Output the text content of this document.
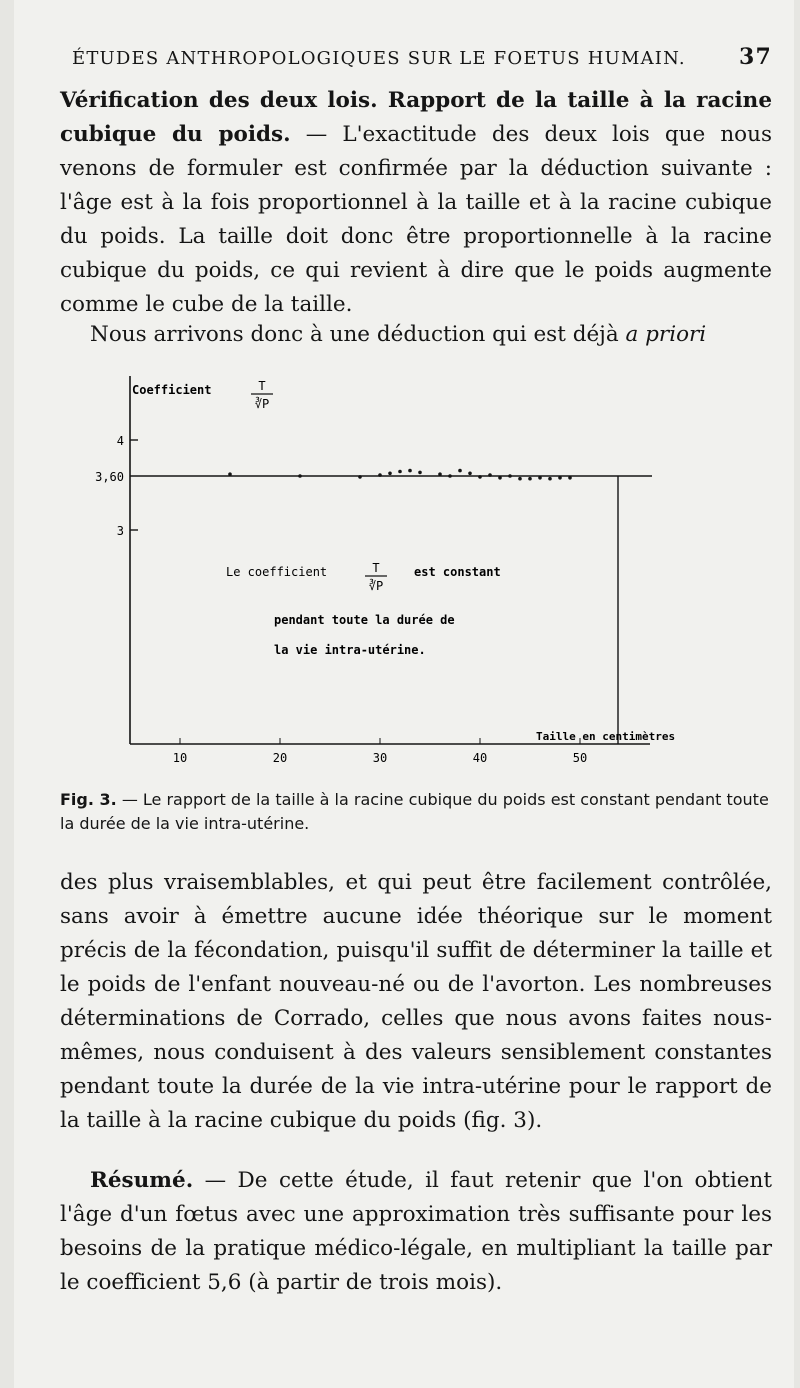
ÉTUDES ANTHROPOLOGIQUES SUR LE FOETUS HUMAIN. 37

Vérification des deux lois. Rapport de la taille à la racine cubique du poids. — L'exactitude des deux lois que nous venons de formuler est confirmée par la déduction suivante : l'âge est à la fois proportionnel à la taille et à la racine cubique du poids. La taille doit donc être proportionnelle à la racine cubique du poids, ce qui revient à dire que le poids augmente comme le cube de la taille.

Nous arrivons donc à une déduction qui est déjà a priori

Coefficient	T
∛P
4
3,60
3
10	20	30	40	50
Le coefficient	T
∛P
est constant
pendant toute la durée de
la vie intra-utérine.
Taille en centimètres

Fig. 3. — Le rapport de la taille à la racine cubique du poids est constant pendant toute la durée de la vie intra-utérine.

des plus vraisemblables, et qui peut être facilement contrôlée, sans avoir à émettre aucune idée théorique sur le moment précis de la fécondation, puisqu'il suffit de déterminer la taille et le poids de l'enfant nouveau-né ou de l'avorton. Les nombreuses déterminations de Corrado, celles que nous avons faites nous-mêmes, nous conduisent à des valeurs sensiblement constantes pendant toute la durée de la vie intra-utérine pour le rapport de la taille à la racine cubique du poids (fig. 3).

Résumé. — De cette étude, il faut retenir que l'on obtient l'âge d'un fœtus avec une approximation très suffisante pour les besoins de la pratique médico-légale, en multipliant la taille par le coefficient 5,6 (à partir de trois mois).
